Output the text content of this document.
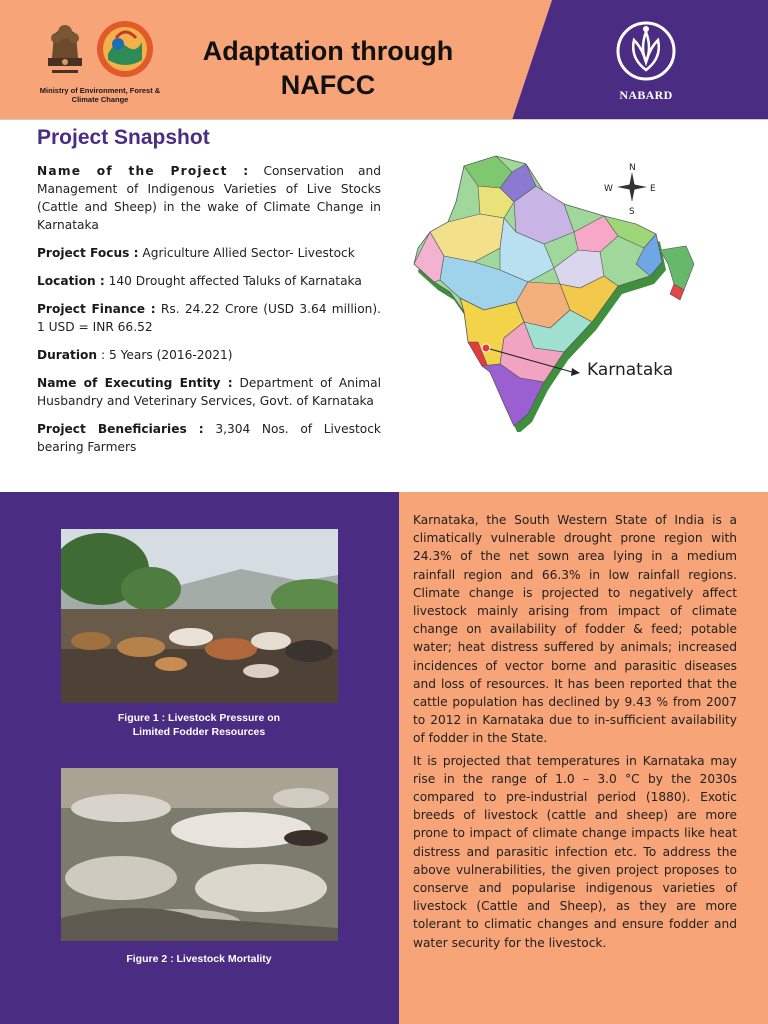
Ministry of Environment, Forest & Climate Change
Adaptation through
NAFCC	NABARD
Project Snapshot
Name of the Project : Conservation and Management of Indigenous Varieties of Live Stocks (Cattle and Sheep) in the wake of Climate Change in Karnataka
Project Focus : Agriculture Allied Sector- Livestock
Location : 140 Drought affected Taluks of Karnataka
Project Finance : Rs. 24.22 Crore (USD 3.64 million). 1 USD = INR 66.52
Duration : 5 Years (2016-2021)
Name of Executing Entity : Department of Animal Husbandry and Veterinary Services, Govt. of Karnataka
Project Beneficiaries : 3,304 Nos. of Livestock bearing Farmers
N
S
W	E
Karnataka
Figure 1 : Livestock Pressure on
Limited Fodder Resources
Figure 2 : Livestock Mortality

Karnataka, the South Western State of India is a climatically vulnerable drought prone region with 24.3% of the net sown area lying in a medium rainfall region and 66.3% in low rainfall regions. Climate change is projected to negatively affect livestock mainly arising from impact of climate change on availability of fodder & feed; potable water; heat distress suffered by animals; increased incidences of vector borne and parasitic diseases and loss of resources. It has been reported that the cattle population has declined by 9.43 % from 2007 to 2012 in Karnataka due to in-sufficient availability of fodder in the State.

It is projected that temperatures in Karnataka may rise in the range of 1.0 – 3.0 °C by the 2030s compared to pre-industrial period (1880). Exotic breeds of livestock (cattle and sheep) are more prone to impact of climate change impacts like heat distress and parasitic infection etc. To address the above vulnerabilities, the given project proposes to conserve and popularise indigenous varieties of livestock (Cattle and Sheep), as they are more tolerant to climatic changes and ensure fodder and water security for the livestock.
